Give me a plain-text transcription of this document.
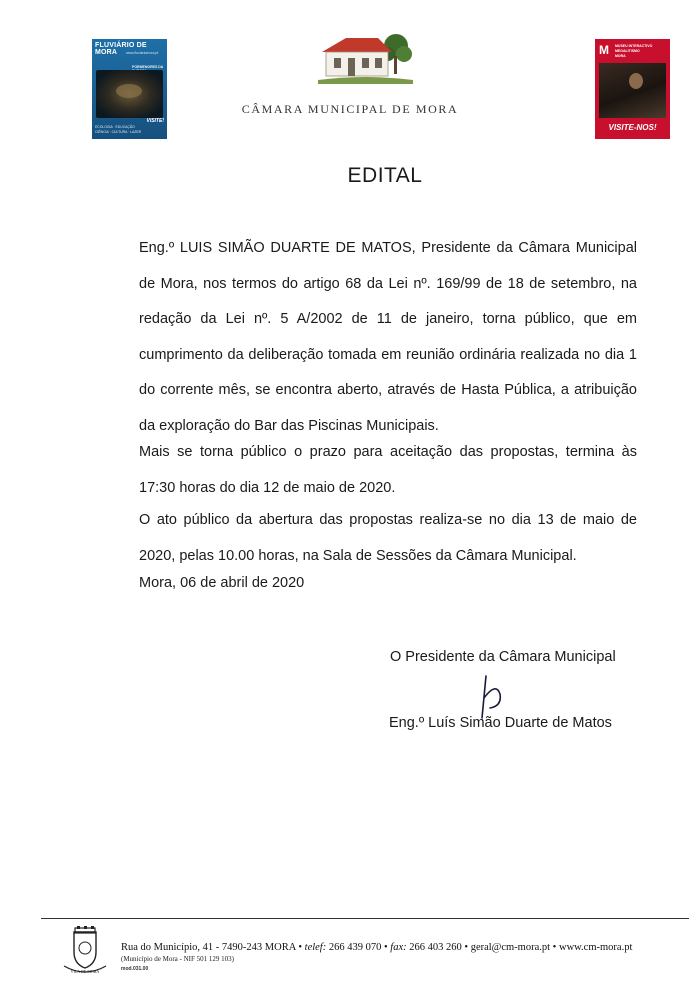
FLUVIÁRIO DE MORA	www.fluviariomora.pt
PORMENORES DA
VISITE!
ECOLOGIA · EDUCAÇÃO
CIÊNCIA · CULTURA · LAZER
CÂMARA MUNICIPAL DE MORA
M MUSEU INTERACTIVO
MEGALITISMO
MORA
VISITE-NOS!
EDITAL
Eng.º LUIS SIMÃO DUARTE DE MATOS, Presidente da Câmara Municipal de Mora, nos termos do artigo 68 da Lei nº. 169/99 de 18 de setembro, na redação da Lei nº. 5 A/2002 de 11 de janeiro, torna público, que em cumprimento da deliberação tomada em reunião ordinária realizada no dia 1 do corrente mês, se encontra aberto, através de Hasta Pública, a atribuição da exploração do Bar das Piscinas Municipais.
Mais se torna público o prazo para aceitação das propostas, termina às 17:30 horas do dia 12 de maio de 2020.
O ato público da abertura das propostas realiza-se no dia 13 de maio de 2020, pelas 10.00 horas, na Sala de Sessões da Câmara Municipal.
Mora, 06 de abril de 2020
O Presidente da Câmara Municipal
Eng.º Luís Simão Duarte de Matos
VILA DE MORA
Rua do Município, 41 - 7490-243 MORA • telef: 266 439 070 • fax: 266 403 260 • geral@cm-mora.pt • www.cm-mora.pt
(Município de Mora - NIF 501 129 103)
mod.031.00
